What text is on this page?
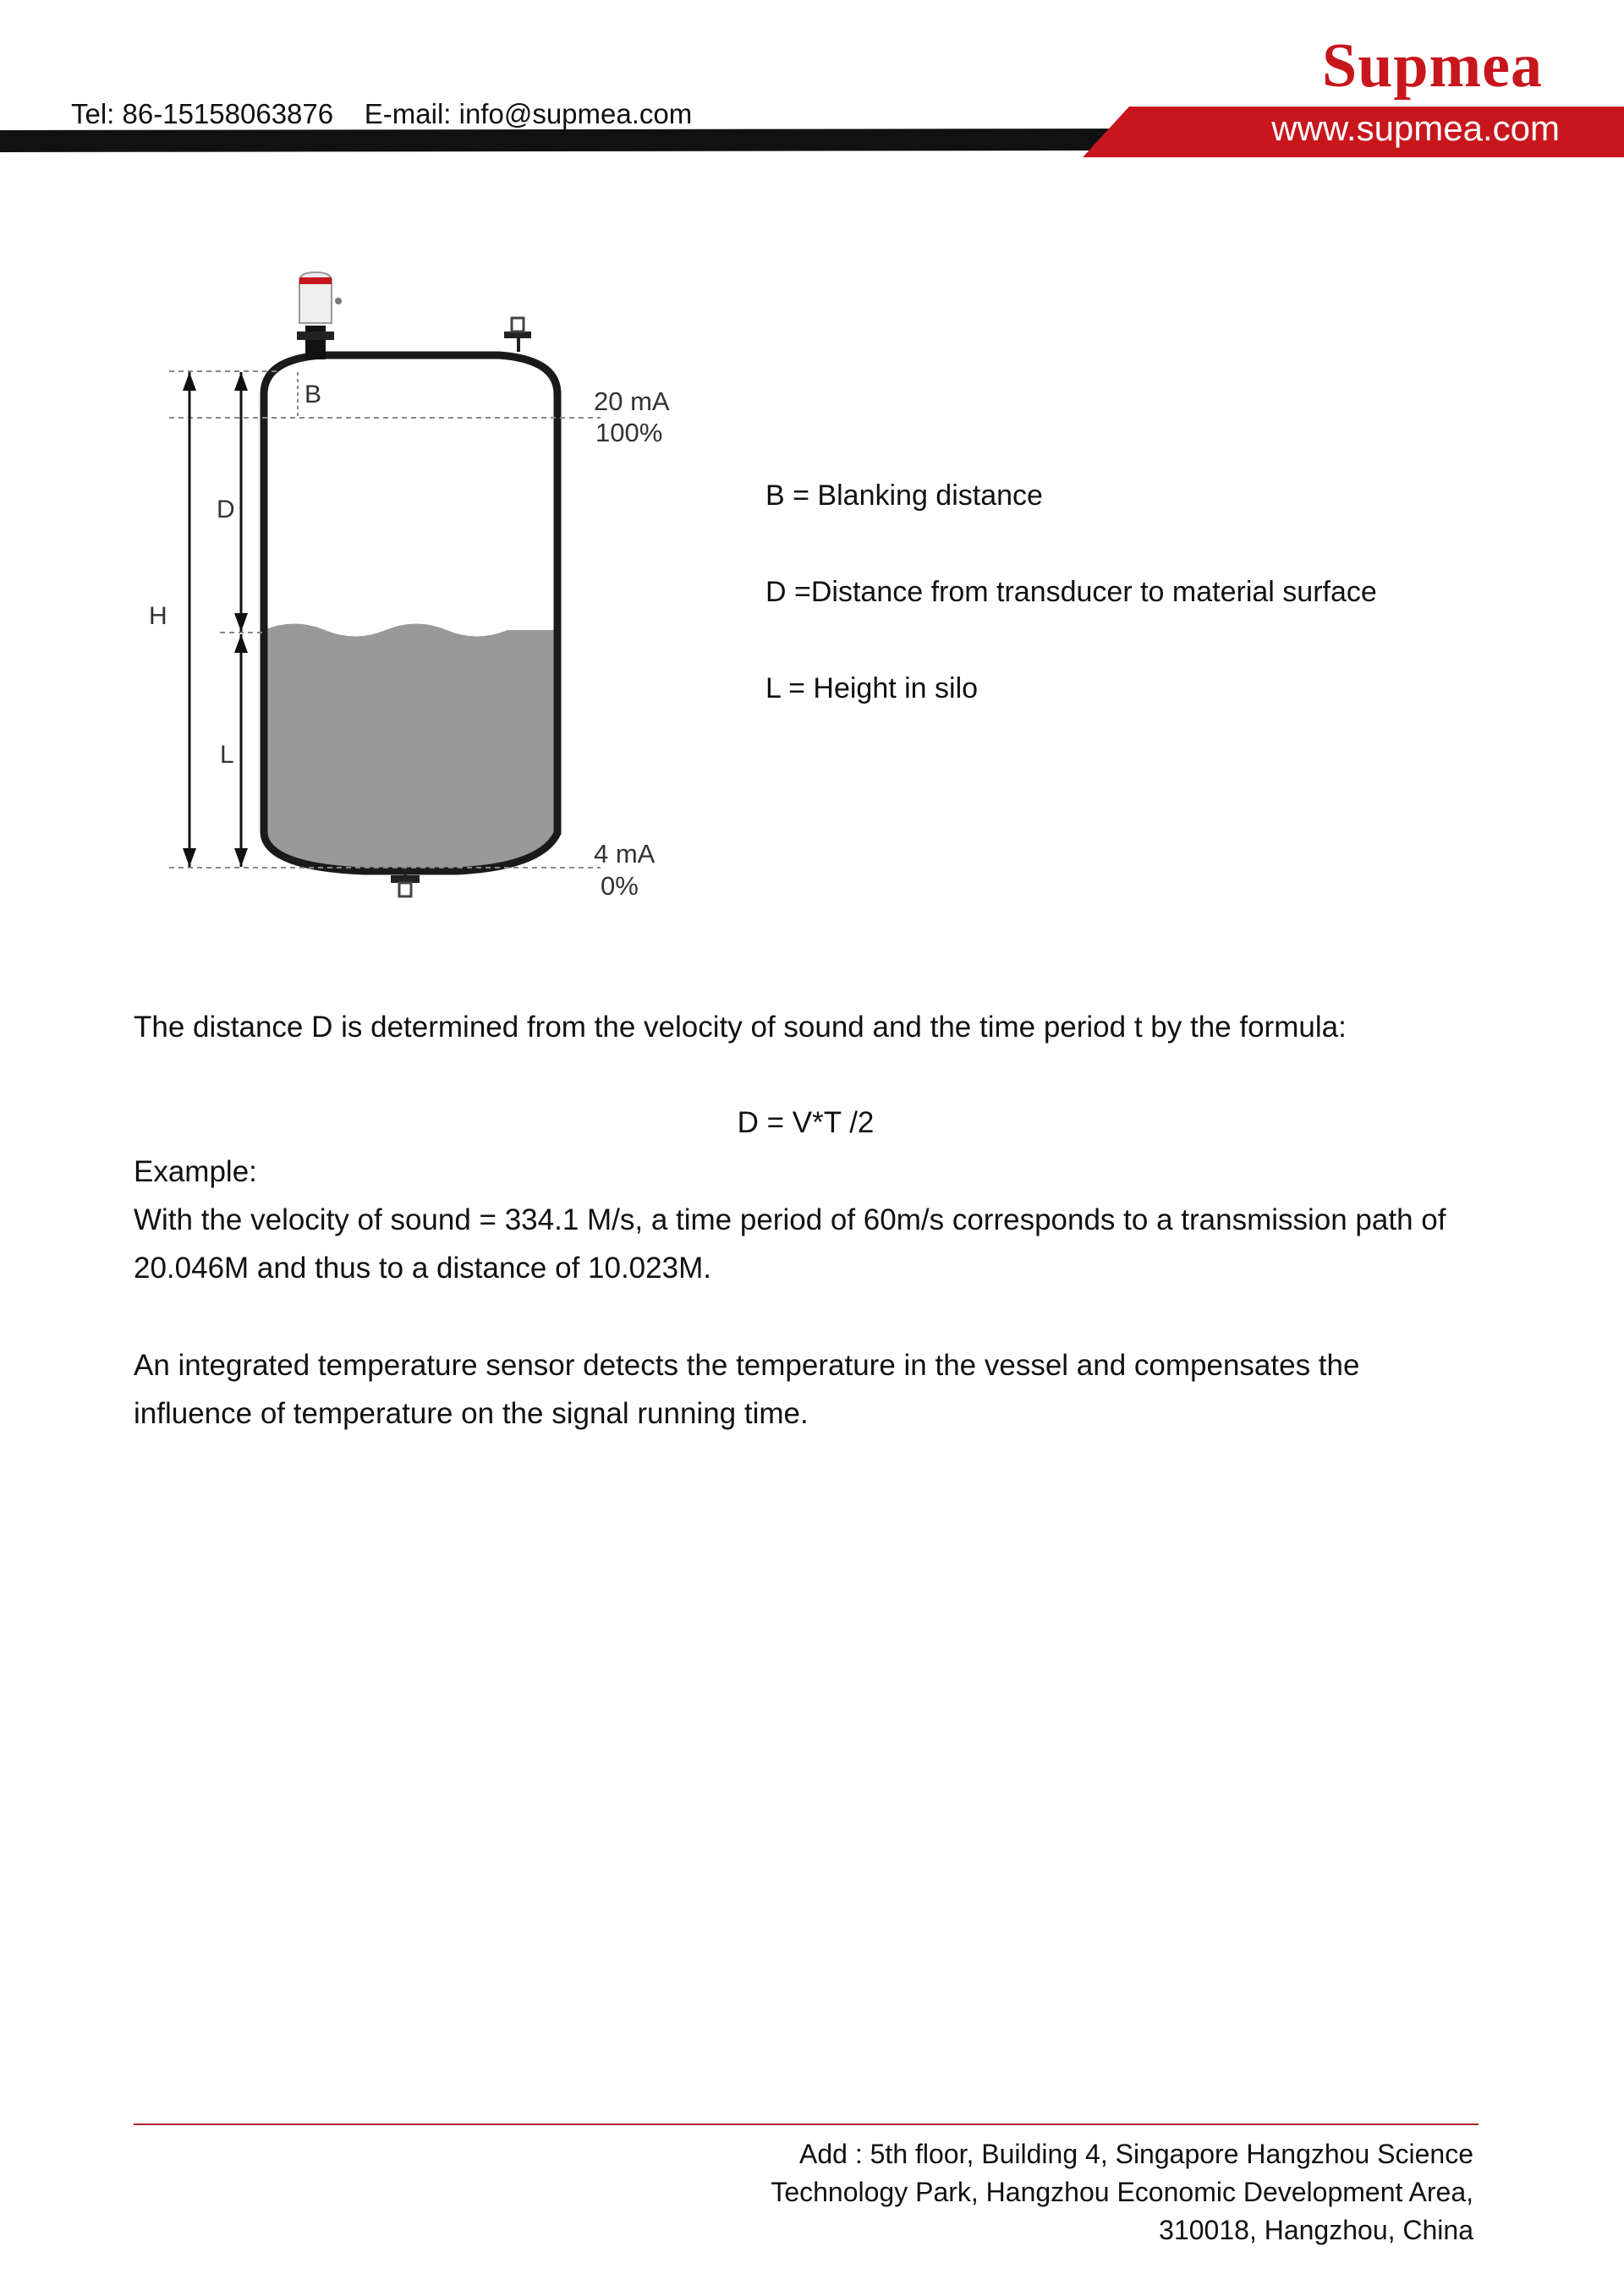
Tel: 86-15158063876    E-mail: info@supmea.com
Supmea
www.supmea.com
B
D
H
L
20 mA
100%
4 mA
0%
B = Blanking distance
D =Distance from transducer to material surface
L = Height in silo
The distance D is determined from the velocity of sound and the time period t by the formula:
D = V*T /2
Example:
With the velocity of sound = 334.1 M/s, a time period of 60m/s corresponds to a transmission path of
20.046M and thus to a distance of 10.023M.
An integrated temperature sensor detects the temperature in the vessel and compensates the
influence of temperature on the signal running time.
Add : 5th floor, Building 4, Singapore Hangzhou Science
Technology Park, Hangzhou Economic Development Area,
310018, Hangzhou, China
